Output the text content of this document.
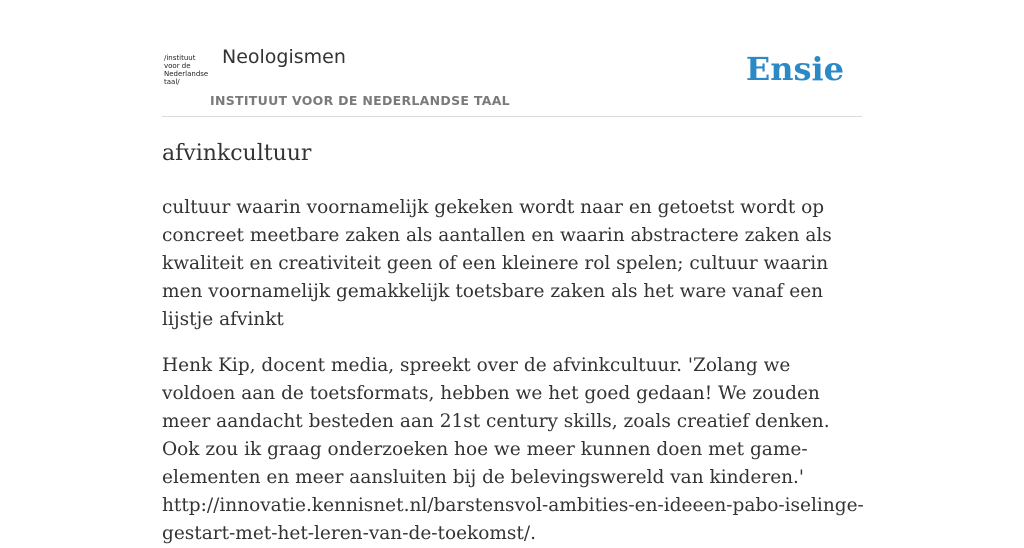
/instituut
voor de
Nederlandse
taal/
Neologismen
INSTITUUT VOOR DE NEDERLANDSE TAAL
Ensie
afvinkcultuur

cultuur waarin voornamelijk gekeken wordt naar en getoetst wordt op concreet meetbare zaken als aantallen en waarin abstractere zaken als kwaliteit en creativiteit geen of een kleinere rol spelen; cultuur waarin men voornamelijk gemakkelijk toetsbare zaken als het ware vanaf een lijstje afvinkt

Henk Kip, docent media, spreekt over de afvinkcultuur. 'Zolang we voldoen aan de toetsformats, hebben we het goed gedaan! We zouden meer aandacht besteden aan 21st century skills, zoals creatief denken. Ook zou ik graag onderzoeken hoe we meer kunnen doen met game-elementen en meer aansluiten bij de belevingswereld van kinderen.'
http://innovatie.kennisnet.nl/barstensvol-ambities-en-ideeen-pabo-iselinge-gestart-met-het-leren-van-de-toekomst/.
